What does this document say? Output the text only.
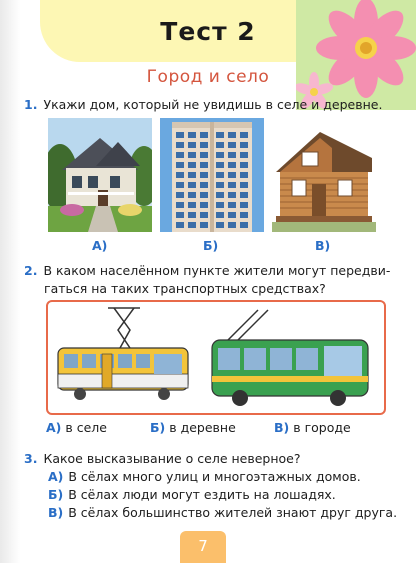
Тест 2
Город и село
1. Укажи дом, который не увидишь в селе и деревне.
А)	Б)	В)
2. В каком населённом пункте жители могут передви-
гаться на таких транспортных средствах?
А) в селе	Б) в деревне	В) в городе
3. Какое высказывание о селе неверное?
А) В сёлах много улиц и многоэтажных домов.
Б) В сёлах люди могут ездить на лошадях.
В) В сёлах большинство жителей знают друг друга.
7
